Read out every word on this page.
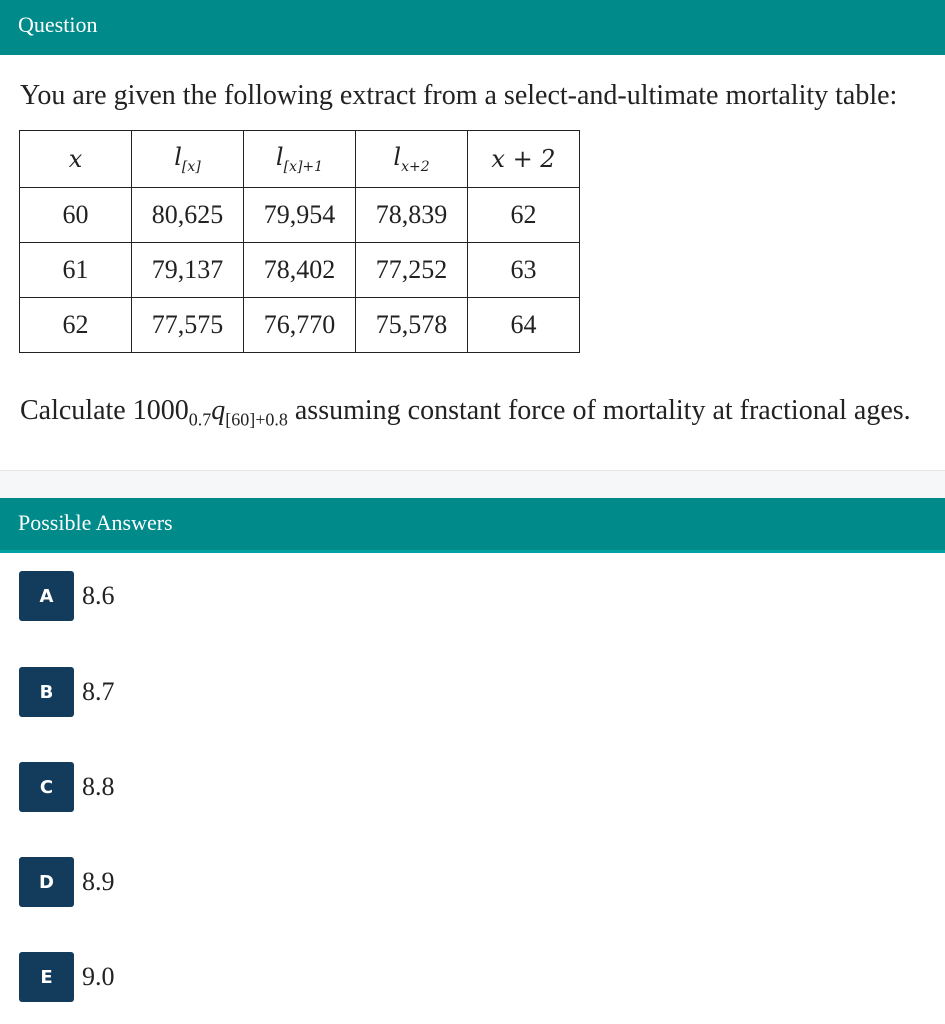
Question
You are given the following extract from a select-and-ultimate mortality table:
x	$l_{[x]}$	$l_{[x]+1}$	$l_{x+2}$	x + 2
60	80,625	79,954	78,839	62
61	79,137	78,402	77,252	63
62	77,575	76,770	75,578	64
Calculate $1000_{0.7}q_{[60]+0.8}$ assuming constant force of mortality at fractional ages.
Possible Answers
A	8.6
B	8.7
C	8.8
D	8.9
E	9.0
